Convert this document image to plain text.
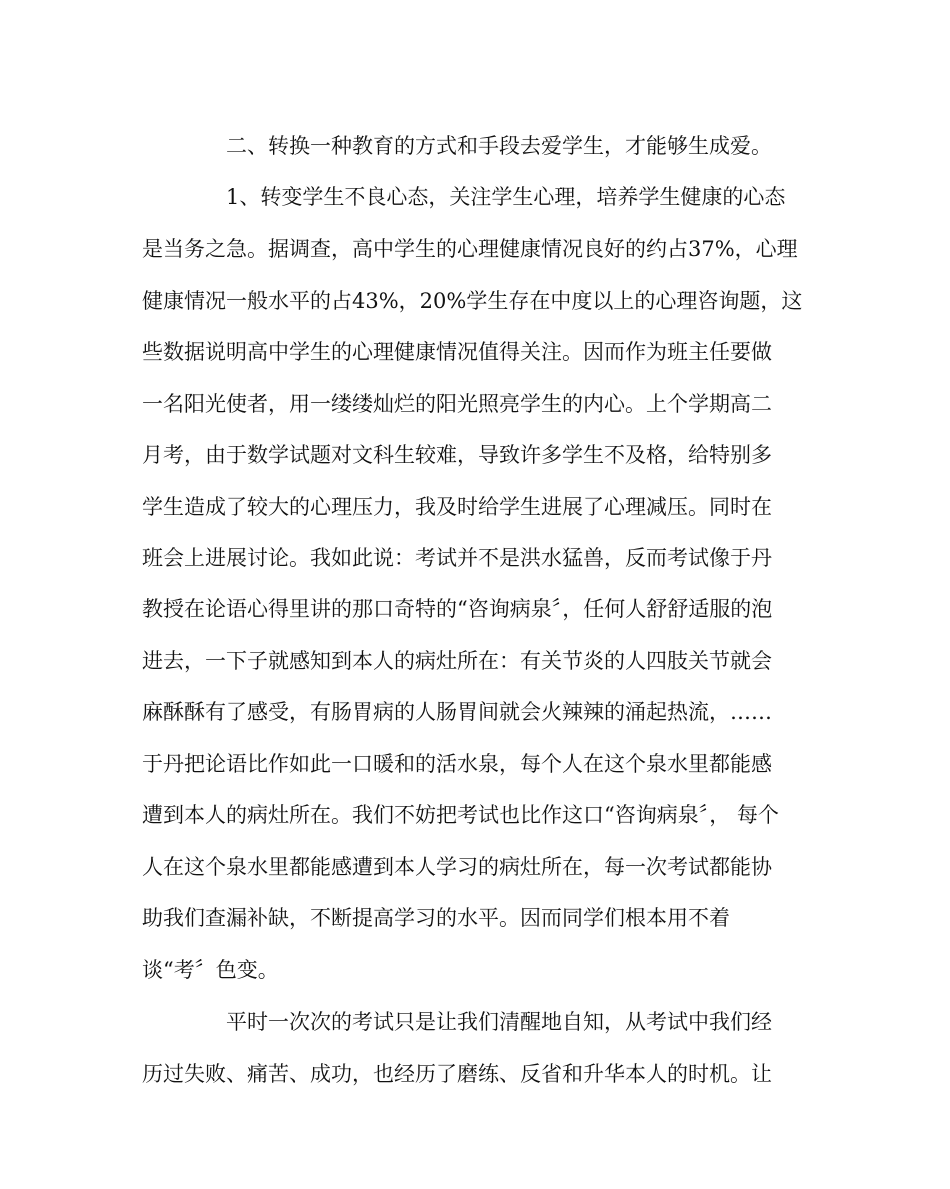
二、转换一种教育的方式和手段去爱学生，才能够生成爱。
1、转变学生不良心态，关注学生心理，培养学生健康的心态
是当务之急。据调查，高中学生的心理健康情况良好的约占37%，心理
健康情况一般水平的占43%，20%学生存在中度以上的心理咨询题，这
些数据说明高中学生的心理健康情况值得关注。因而作为班主任要做
一名阳光使者，用一缕缕灿烂的阳光照亮学生的内心。上个学期高二
月考，由于数学试题对文科生较难，导致许多学生不及格，给特别多
学生造成了较大的心理压力，我及时给学生进展了心理减压。同时在
班会上进展讨论。我如此说：考试并不是洪水猛兽，反而考试像于丹
教授在论语心得里讲的那口奇特的“咨询病泉〞，任何人舒舒适服的泡
进去，一下子就感知到本人的病灶所在：有关节炎的人四肢关节就会
麻酥酥有了感受，有肠胃病的人肠胃间就会火辣辣的涌起热流，……
于丹把论语比作如此一口暖和的活水泉，每个人在这个泉水里都能感
遭到本人的病灶所在。我们不妨把考试也比作这口“咨询病泉〞， 每个
人在这个泉水里都能感遭到本人学习的病灶所在，每一次考试都能协
助我们查漏补缺，不断提高学习的水平。因而同学们根本用不着
谈“考〞色变。
平时一次次的考试只是让我们清醒地自知，从考试中我们经
历过失败、痛苦、成功，也经历了磨练、反省和升华本人的时机。让
